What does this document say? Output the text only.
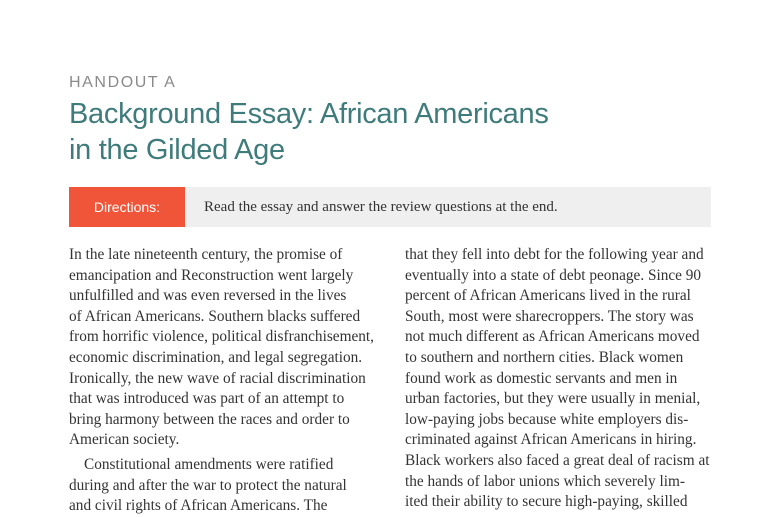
HANDOUT A
Background Essay: African Americans
in the Gilded Age
Directions:	Read the essay and answer the review questions at the end.
In the late nineteenth century, the promise of
emancipation and Reconstruction went largely
unfulfilled and was even reversed in the lives
of African Americans. Southern blacks suffered
from horrific violence, political disfranchisement,
economic discrimination, and legal segregation.
Ironically, the new wave of racial discrimination
that was introduced was part of an attempt to
bring harmony between the races and order to
American society.
Constitutional amendments were ratified
during and after the war to protect the natural
and civil rights of African Americans. The
that they fell into debt for the following year and
eventually into a state of debt peonage. Since 90
percent of African Americans lived in the rural
South, most were sharecroppers. The story was
not much different as African Americans moved
to southern and northern cities. Black women
found work as domestic servants and men in
urban factories, but they were usually in menial,
low-paying jobs because white employers dis-
criminated against African Americans in hiring.
Black workers also faced a great deal of racism at
the hands of labor unions which severely lim-
ited their ability to secure high-paying, skilled
